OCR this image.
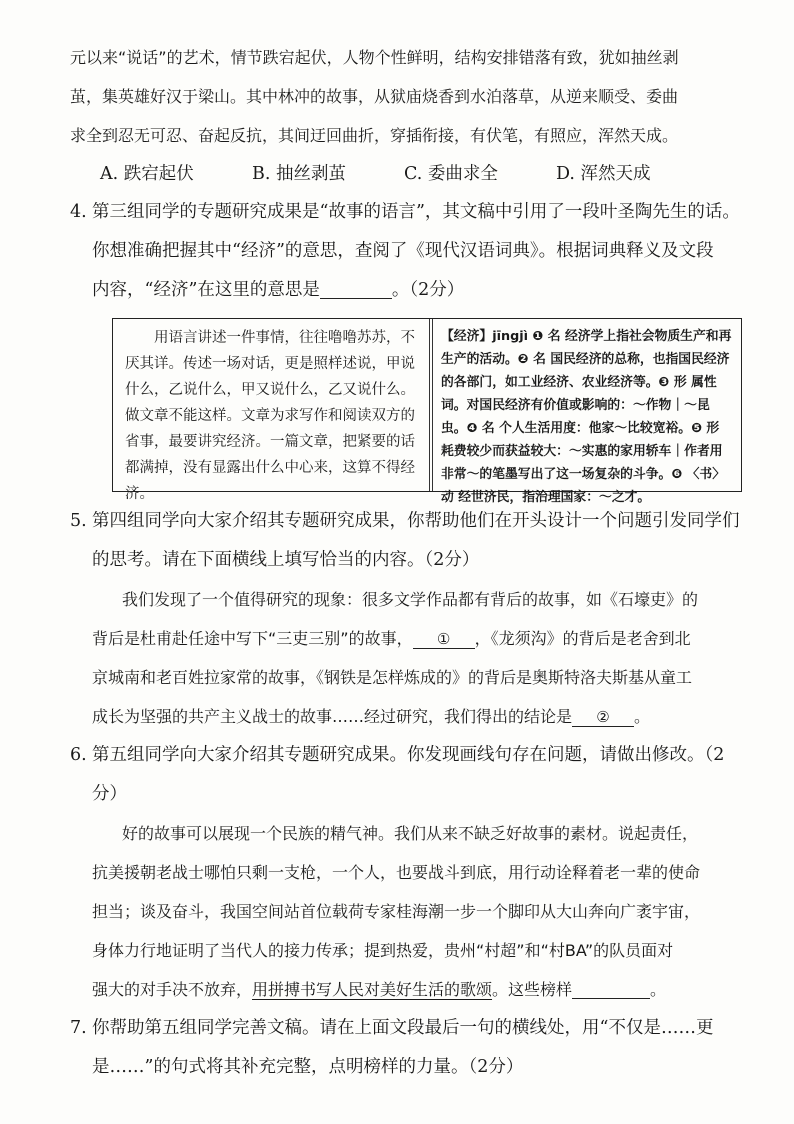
元以来“说话”的艺术，情节跌宕起伏，人物个性鲜明，结构安排错落有致，犹如抽丝剥

茧，集英雄好汉于梁山。其中林冲的故事，从狱庙烧香到水泊落草，从逆来顺受、委曲

求全到忍无可忍、奋起反抗，其间迂回曲折，穿插衔接，有伏笔，有照应，浑然天成。

A. 跌宕起伏	B. 抽丝剥茧	C. 委曲求全	D. 浑然天成

4. 第三组同学的专题研究成果是“故事的语言”，其文稿中引用了一段叶圣陶先生的话。

你想准确把握其中“经济”的意思，查阅了《现代汉语词典》。根据词典释义及文段

内容，“经济”在这里的意思是	。（2分）

用语言讲述一件事情，往往噜噜苏苏，不厌其详。传述一场对话，更是照样述说，甲说什么，乙说什么，甲又说什么，乙又说什么。做文章不能这样。文章为求写作和阅读双方的省事，最要讲究经济。一篇文章，把紧要的话都满掉，没有显露出什么中心来，这算不得经济。
【经济】jīngjì ❶ 名 经济学上指社会物质生产和再生产的活动。❷ 名 国民经济的总称，也指国民经济的各部门，如工业经济、农业经济等。❸ 形 属性词。对国民经济有价值或影响的：～作物｜～昆虫。❹ 名 个人生活用度：他家～比较宽裕。❺ 形 耗费较少而获益较大：～实惠的家用轿车｜作者用非常～的笔墨写出了这一场复杂的斗争。❻ 〈书〉动 经世济民，指治理国家：～之才。

5. 第四组同学向大家介绍其专题研究成果，你帮助他们在开头设计一个问题引发同学们

的思考。请在下面横线上填写恰当的内容。（2分）

我们发现了一个值得研究的现象：很多文学作品都有背后的故事，如《石壕吏》的

背后是杜甫赴任途中写下“三吏三别”的故事， ① ，《龙须沟》的背后是老舍到北

京城南和老百姓拉家常的故事，《钢铁是怎样炼成的》的背后是奥斯特洛夫斯基从童工

成长为坚强的共产主义战士的故事……经过研究，我们得出的结论是 ② 。

6. 第五组同学向大家介绍其专题研究成果。你发现画线句存在问题，请做出修改。（2分）

好的故事可以展现一个民族的精气神。我们从来不缺乏好故事的素材。说起责任，

抗美援朝老战士哪怕只剩一支枪，一个人，也要战斗到底，用行动诠释着老一辈的使命

担当；谈及奋斗，我国空间站首位载荷专家桂海潮一步一个脚印从大山奔向广袤宇宙，

身体力行地证明了当代人的接力传承；提到热爱，贵州“村超”和“村BA”的队员面对

强大的对手决不放弃，用拼搏书写人民对美好生活的歌颂。这些榜样	。

7. 你帮助第五组同学完善文稿。请在上面文段最后一句的横线处，用“不仅是……更

是……”的句式将其补充完整，点明榜样的力量。（2分）
